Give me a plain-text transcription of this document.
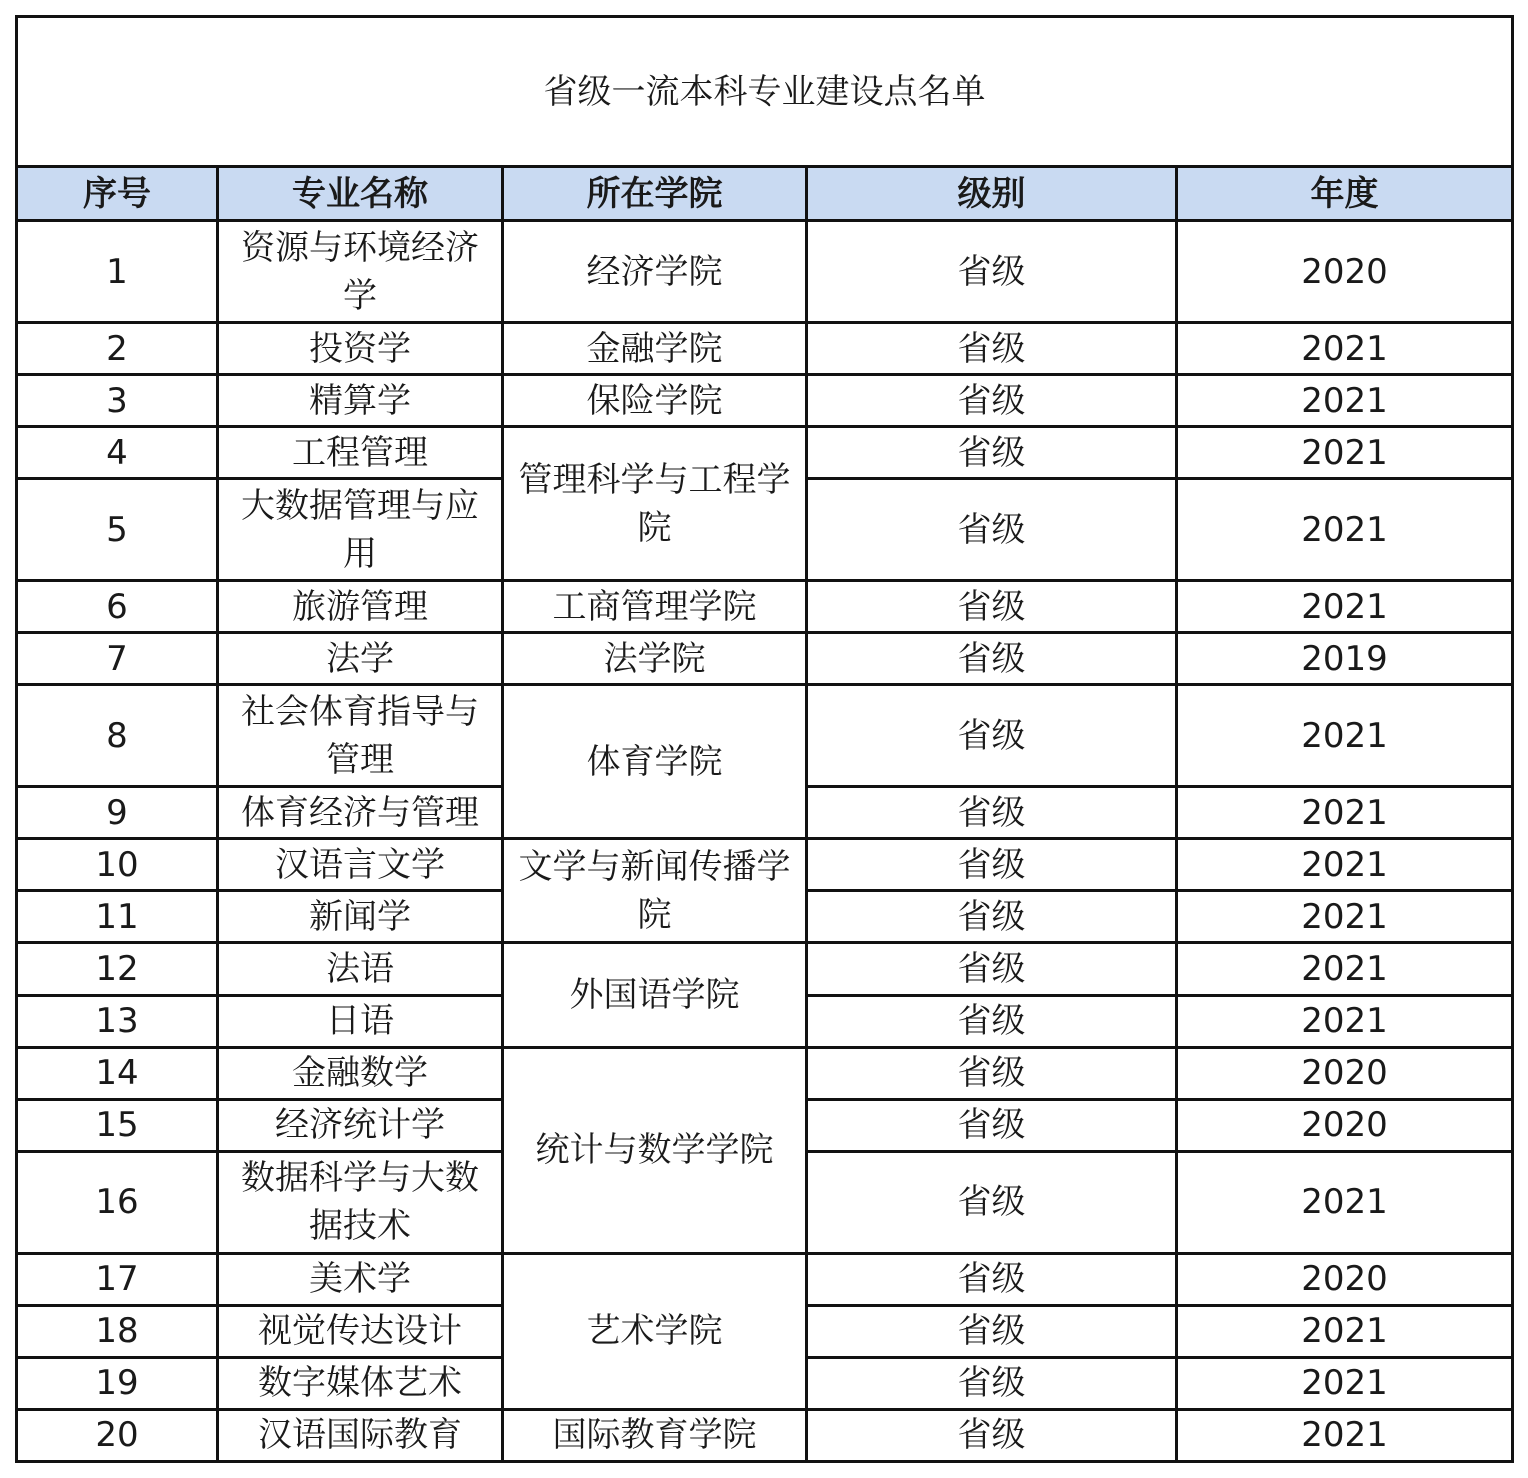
省级一流本科专业建设点名单				
序号	专业名称	所在学院	级别	年度
1	资源与环境经济学	经济学院	省级	2020
2	投资学	金融学院	省级	2021
3	精算学	保险学院	省级	2021
4	工程管理	管理科学与工程学院	省级	2021
5	大数据管理与应用		省级	2021
6	旅游管理	工商管理学院	省级	2021
7	法学	法学院	省级	2019
8	社会体育指导与管理	体育学院	省级	2021
9	体育经济与管理		省级	2021
10	汉语言文学	文学与新闻传播学院	省级	2021
11	新闻学		省级	2021
12	法语	外国语学院	省级	2021
13	日语		省级	2021
14	金融数学	统计与数学学院	省级	2020
15	经济统计学		省级	2020
16	数据科学与大数据技术		省级	2021
17	美术学	艺术学院	省级	2020
18	视觉传达设计		省级	2021
19	数字媒体艺术		省级	2021
20	汉语国际教育	国际教育学院	省级	2021
